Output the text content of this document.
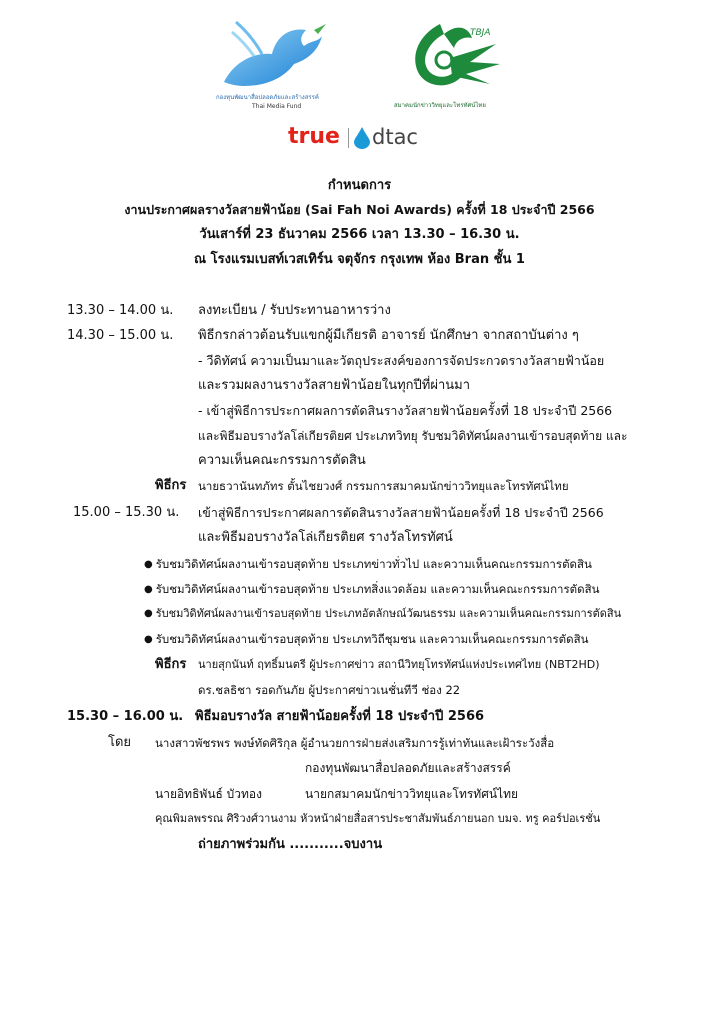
กองทุนพัฒนาสื่อปลอดภัยและสร้างสรรค์
Thai Media Fund
TBJA
สมาคมนักข่าววิทยุและโทรทัศน์ไทย
true dtac
กำหนดการ
งานประกาศผลรางวัลสายฟ้าน้อย (Sai Fah Noi Awards) ครั้งที่ 18 ประจำปี 2566
วันเสาร์ที่ 23 ธันวาคม 2566 เวลา 13.30 – 16.30 น.
ณ โรงแรมเบสท์เวสเทิร์น จตุจักร กรุงเทพ ห้อง Bran ชั้น 1
13.30 – 14.00 น. ลงทะเบียน / รับประทานอาหารว่าง
14.30 – 15.00 น. พิธีกรกล่าวต้อนรับแขกผู้มีเกียรติ อาจารย์ นักศึกษา จากสถาบันต่าง ๆ
- วีดิทัศน์ ความเป็นมาและวัตถุประสงค์ของการจัดประกวดรางวัลสายฟ้าน้อย
และรวมผลงานรางวัลสายฟ้าน้อยในทุกปีที่ผ่านมา
- เข้าสู่พิธีการประกาศผลการตัดสินรางวัลสายฟ้าน้อยครั้งที่ 18 ประจำปี 2566
และพิธีมอบรางวัลโล่เกียรติยศ ประเภทวิทยุ รับชมวิดิทัศน์ผลงานเข้ารอบสุดท้าย และ
ความเห็นคณะกรรมการตัดสิน
พิธีกร นายธวานันทภัทร ตั้นไชยวงศ์ กรรมการสมาคมนักข่าววิทยุและโทรทัศน์ไทย
15.00 – 15.30 น. เข้าสู่พิธีการประกาศผลการตัดสินรางวัลสายฟ้าน้อยครั้งที่ 18 ประจำปี 2566
และพิธีมอบรางวัลโล่เกียรติยศ รางวัลโทรทัศน์
● รับชมวิดิทัศน์ผลงานเข้ารอบสุดท้าย ประเภทข่าวทั่วไป และความเห็นคณะกรรมการตัดสิน
● รับชมวิดิทัศน์ผลงานเข้ารอบสุดท้าย ประเภทสิ่งแวดล้อม และความเห็นคณะกรรมการตัดสิน
● รับชมวิดิทัศน์ผลงานเข้ารอบสุดท้าย ประเภทอัตลักษณ์วัฒนธรรม และความเห็นคณะกรรมการตัดสิน
● รับชมวิดิทัศน์ผลงานเข้ารอบสุดท้าย ประเภทวิถีชุมชน และความเห็นคณะกรรมการตัดสิน
พิธีกร นายสุกนันท์ ฤทธิ์มนตรี ผู้ประกาศข่าว สถานีวิทยุโทรทัศน์แห่งประเทศไทย (NBT2HD)
ดร.ชลธิชา รอดกันภัย ผู้ประกาศข่าวเนชั่นทีวี ช่อง 22
15.30 – 16.00 น. พิธีมอบรางวัล สายฟ้าน้อยครั้งที่ 18 ประจำปี 2566
โดย นางสาวพัชรพร พงษ์ทัดศิริกุล ผู้อำนวยการฝ่ายส่งเสริมการรู้เท่าทันและเฝ้าระวังสื่อ
กองทุนพัฒนาสื่อปลอดภัยและสร้างสรรค์
นายอิทธิพันธ์ บัวทอง	นายกสมาคมนักข่าววิทยุและโทรทัศน์ไทย
คุณพิมลพรรณ ศิริวงศ์วานงาม หัวหน้าฝ่ายสื่อสารประชาสัมพันธ์ภายนอก บมจ. ทรู คอร์ปอเรชั่น
ถ่ายภาพร่วมกัน ...........จบงาน
